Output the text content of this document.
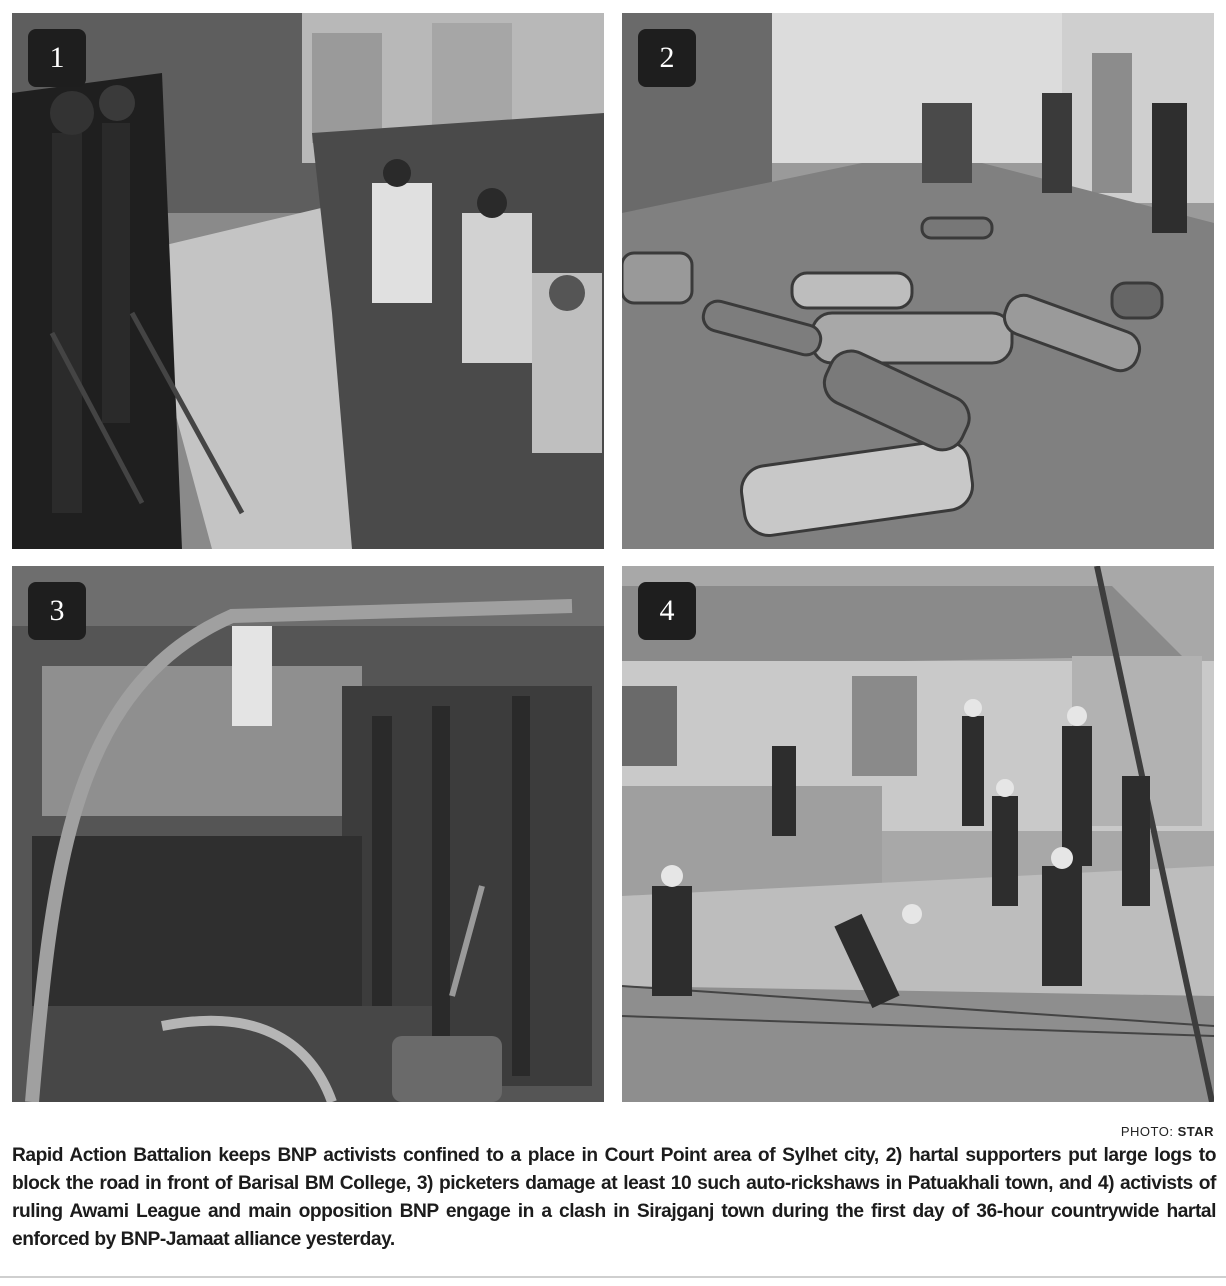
1	2
3	4
PHOTO: STAR
Rapid Action Battalion keeps BNP activists confined to a place in Court Point area of Sylhet city, 2) hartal supporters put large logs to block the road in front of Barisal BM College, 3) picketers damage at least 10 such auto-rickshaws in Patuakhali town, and 4) activists of ruling Awami League and main opposition BNP engage in a clash in Sirajganj town during the first day of 36-hour countrywide hartal enforced by BNP-Jamaat alliance yesterday.
